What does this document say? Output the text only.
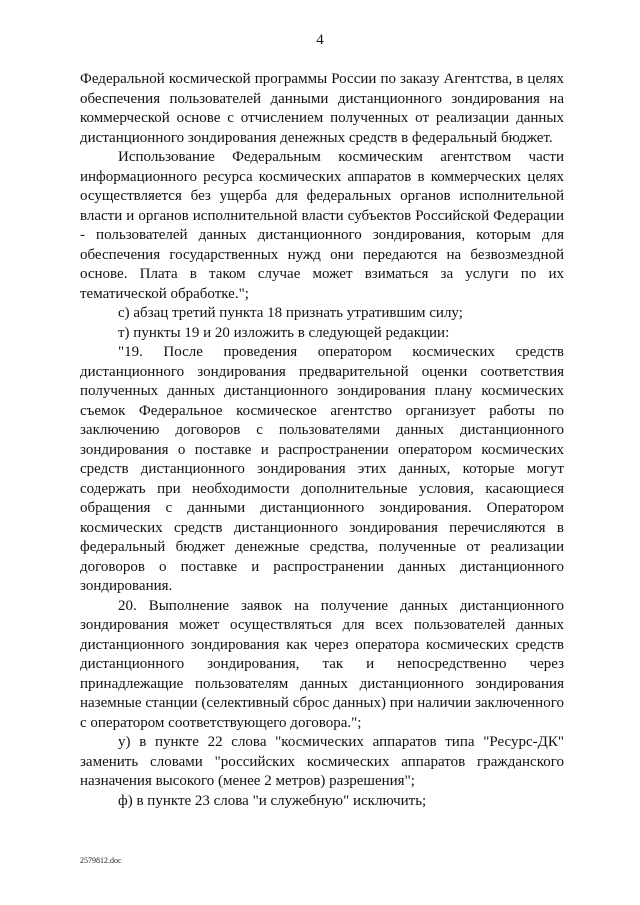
4

Федеральной космической программы России по заказу Агентства, в целях обеспечения пользователей данными дистанционного зондирования на коммерческой основе с отчислением полученных от реализации данных дистанционного зондирования денежных средств в федеральный бюджет.

Использование Федеральным космическим агентством части информационного ресурса космических аппаратов в коммерческих целях осуществляется без ущерба для федеральных органов исполнительной власти и органов исполнительной власти субъектов Российской Федерации - пользователей данных дистанционного зондирования, которым для обеспечения государственных нужд они передаются на безвозмездной основе. Плата в таком случае может взиматься за услуги по их тематической обработке.";

с) абзац третий пункта 18 признать утратившим силу;

т) пункты 19 и 20 изложить в следующей редакции:

"19. После проведения оператором космических средств дистанционного зондирования предварительной оценки соответствия полученных данных дистанционного зондирования плану космических съемок Федеральное космическое агентство организует работы по заключению договоров с пользователями данных дистанционного зондирования о поставке и распространении оператором космических средств дистанционного зондирования этих данных, которые могут содержать при необходимости дополнительные условия, касающиеся обращения с данными дистанционного зондирования. Оператором космических средств дистанционного зондирования перечисляются в федеральный бюджет денежные средства, полученные от реализации договоров о поставке и распространении данных дистанционного зондирования.

20. Выполнение заявок на получение данных дистанционного зондирования может осуществляться для всех пользователей данных дистанционного зондирования как через оператора космических средств дистанционного зондирования, так и непосредственно через принадлежащие пользователям данных дистанционного зондирования наземные станции (селективный сброс данных) при наличии заключенного с оператором соответствующего договора.";

у) в пункте 22 слова "космических аппаратов типа "Ресурс-ДК" заменить словами "российских космических аппаратов гражданского назначения высокого (менее 2 метров) разрешения";

ф) в пункте 23 слова "и служебную" исключить;

2579812.doc
